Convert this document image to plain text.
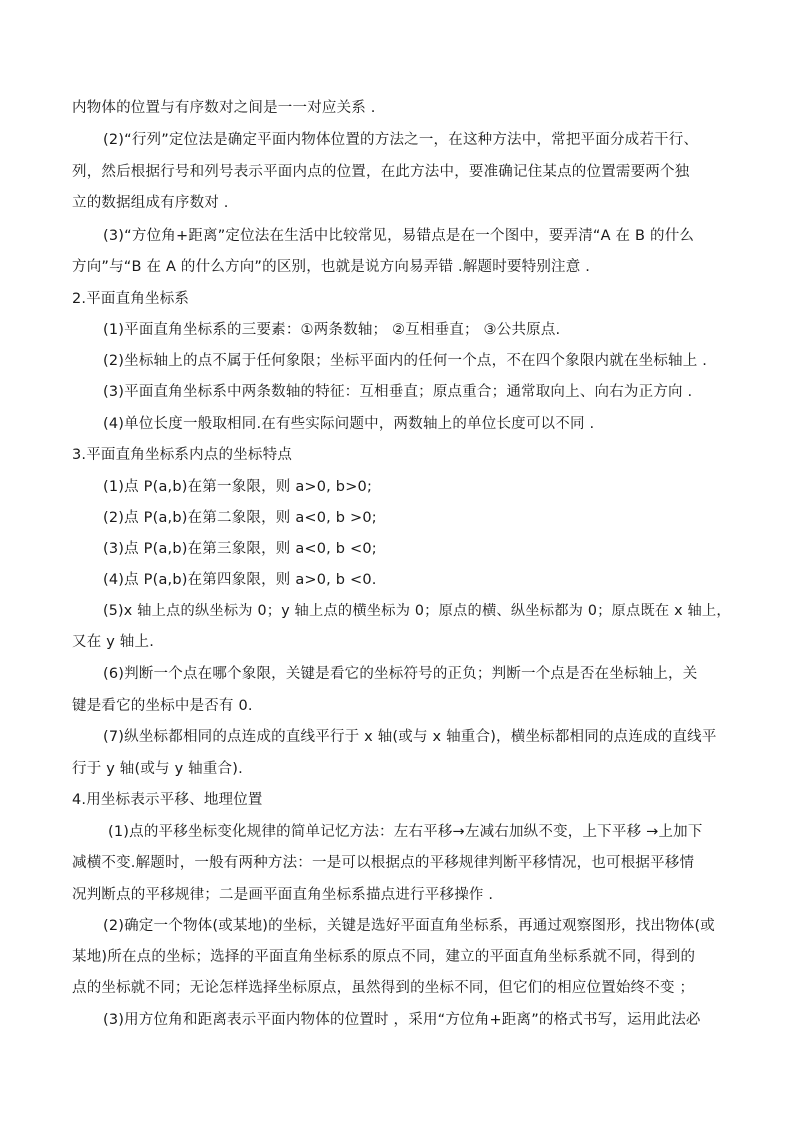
内物体的位置与有序数对之间是一一对应关系 .
(2)“行列”定位法是确定平面内物体位置的方法之一，在这种方法中，常把平面分成若干行、
列，然后根据行号和列号表示平面内点的位置，在此方法中，要准确记住某点的位置需要两个独
立的数据组成有序数对 .
(3)“方位角+距离”定位法在生活中比较常见，易错点是在一个图中，要弄清“A 在 B 的什么
方向”与“B 在 A 的什么方向”的区别，也就是说方向易弄错 .解题时要特别注意 .
2.平面直角坐标系
(1)平面直角坐标系的三要素：①两条数轴； ②互相垂直； ③公共原点.
(2)坐标轴上的点不属于任何象限；坐标平面内的任何一个点，不在四个象限内就在坐标轴上 .
(3)平面直角坐标系中两条数轴的特征：互相垂直；原点重合；通常取向上、向右为正方向 .
(4)单位长度一般取相同.在有些实际问题中，两数轴上的单位长度可以不同 .
3.平面直角坐标系内点的坐标特点
(1)点 P(a,b)在第一象限，则 a>0, b>0;
(2)点 P(a,b)在第二象限，则 a<0, b >0;
(3)点 P(a,b)在第三象限，则 a<0, b <0;
(4)点 P(a,b)在第四象限，则 a>0, b <0.
(5)x 轴上点的纵坐标为 0；y 轴上点的横坐标为 0；原点的横、纵坐标都为 0；原点既在 x 轴上，
又在 y 轴上.
(6)判断一个点在哪个象限，关键是看它的坐标符号的正负；判断一个点是否在坐标轴上，关
键是看它的坐标中是否有 0.
(7)纵坐标都相同的点连成的直线平行于 x 轴(或与 x 轴重合)，横坐标都相同的点连成的直线平
行于 y 轴(或与 y 轴重合).
4.用坐标表示平移、地理位置
(1)点的平移坐标变化规律的简单记忆方法：左右平移→左减右加纵不变，上下平移 →上加下
减横不变.解题时，一般有两种方法：一是可以根据点的平移规律判断平移情况，也可根据平移情
况判断点的平移规律；二是画平面直角坐标系描点进行平移操作 .
(2)确定一个物体(或某地)的坐标，关键是选好平面直角坐标系，再通过观察图形，找出物体(或
某地)所在点的坐标；选择的平面直角坐标系的原点不同，建立的平面直角坐标系就不同，得到的
点的坐标就不同；无论怎样选择坐标原点，虽然得到的坐标不同，但它们的相应位置始终不变 ；
(3)用方位角和距离表示平面内物体的位置时 ，采用“方位角+距离”的格式书写，运用此法必
